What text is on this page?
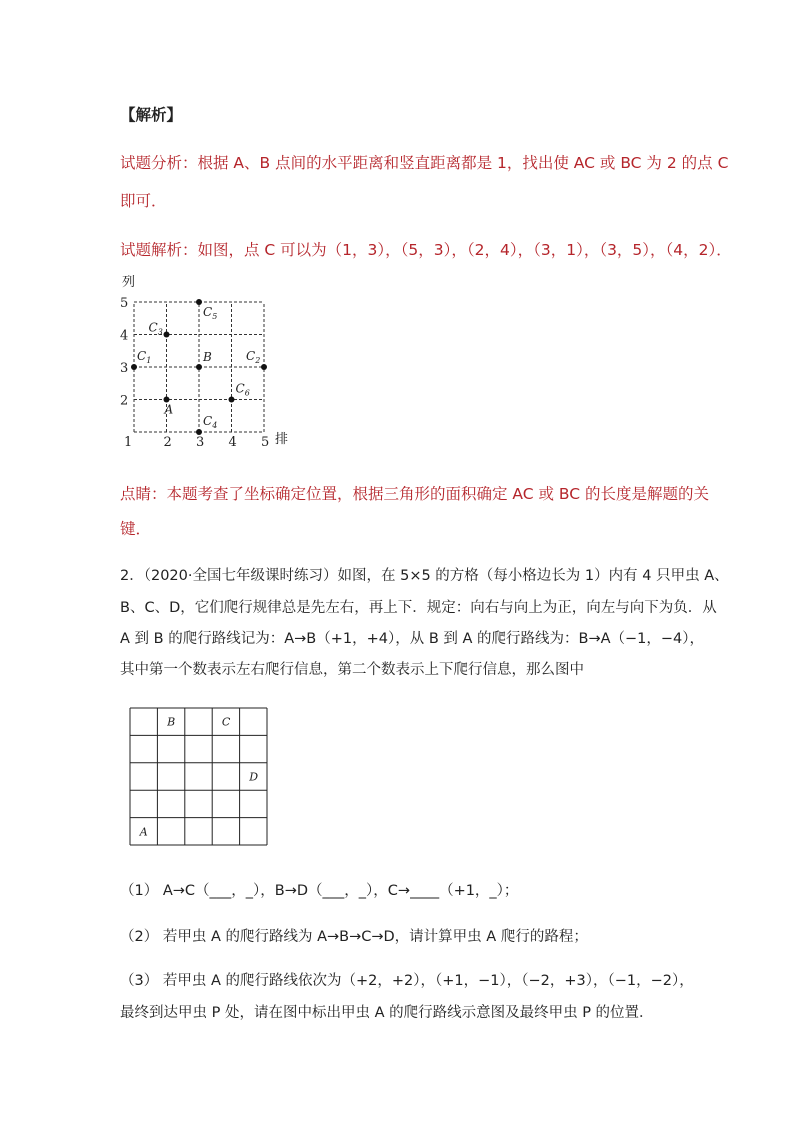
【解析】
试题分析：根据 A、B 点间的水平距离和竖直距离都是 1，找出使 AC 或 BC 为 2 的点 C
即可．
试题解析：如图，点 C 可以为（1，3），（5，3），（2，4），（3，1），（3，5），（4，2）．
列
排
1 2 3 4 5
2
3
4
5
A
B
$C_1$	$C_2$
$C_3$
$C_4$
$C_5$
$C_6$
点睛：本题考查了坐标确定位置，根据三角形的面积确定 AC 或 BC 的长度是解题的关
键．
2．（2020·全国七年级课时练习）如图，在 5×5 的方格（每小格边长为 1）内有 4 只甲虫 A、
B、C、D，它们爬行规律总是先左右，再上下．规定：向右与向上为正，向左与向下为负．从
A 到 B 的爬行路线记为：A→B（+1，+4），从 B 到 A 的爬行路线为：B→A（−1，−4），
其中第一个数表示左右爬行信息，第二个数表示上下爬行信息，那么图中
A
B	C
D
（1） A→C（___，_），B→D（___，_），C→____（+1，_）；
（2） 若甲虫 A 的爬行路线为 A→B→C→D，请计算甲虫 A 爬行的路程；
（3） 若甲虫 A 的爬行路线依次为（+2，+2），（+1，−1），（−2，+3），（−1，−2），
最终到达甲虫 P 处，请在图中标出甲虫 A 的爬行路线示意图及最终甲虫 P 的位置．
